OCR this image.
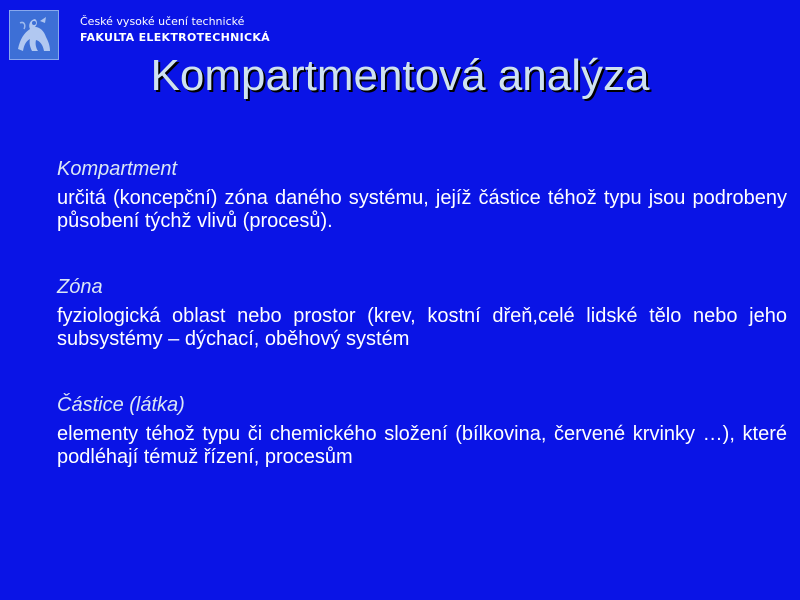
České vysoké učení technické
FAKULTA ELEKTROTECHNICKÁ
Kompartmentová analýza

Kompartment

určitá (koncepční) zóna daného systému, jejíž částice téhož typu jsou podrobeny působení týchž vlivů (procesů).

Zóna

fyziologická oblast nebo prostor (krev, kostní dřeň,celé lidské tělo nebo jeho subsystémy – dýchací, oběhový systém

Částice (látka)

elementy téhož typu či chemického složení (bílkovina, červené krvinky …), které podléhají témuž řízení, procesům
